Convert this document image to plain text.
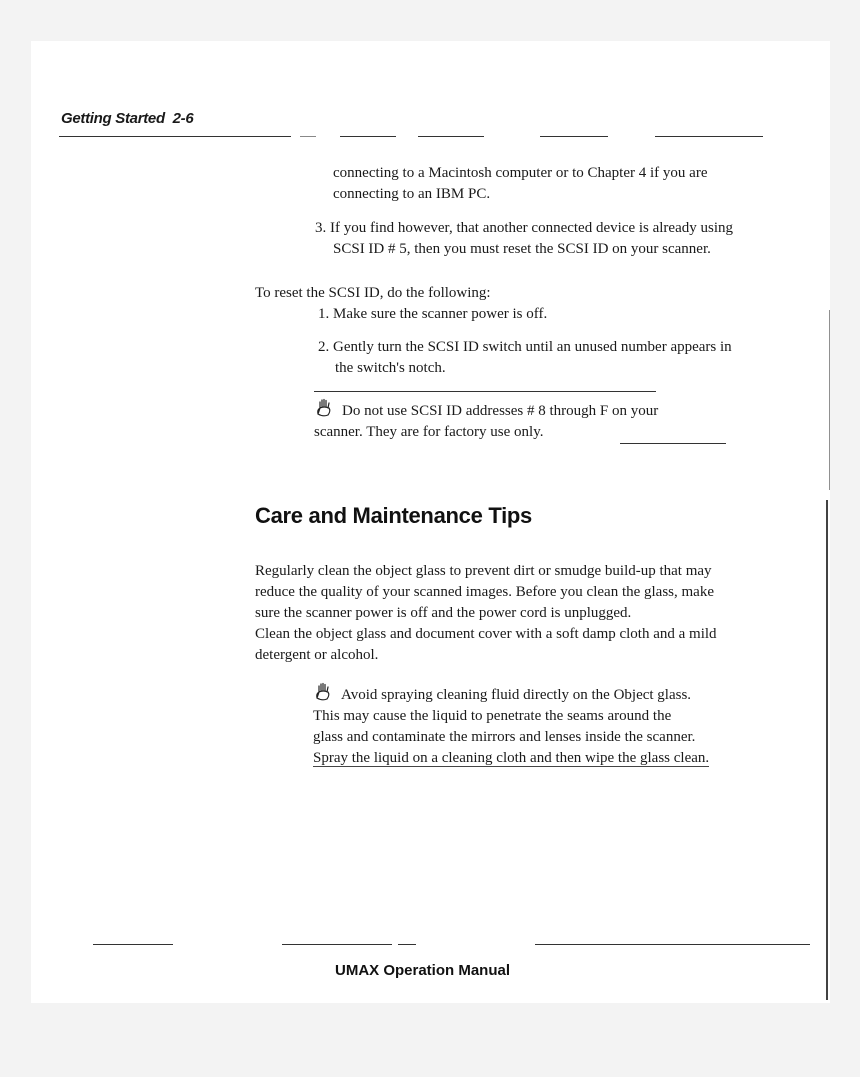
Getting Started 2-6
connecting to a Macintosh computer or to Chapter 4 if you are
connecting to an IBM PC.
3. If you find however, that another connected device is already using
SCSI ID # 5, then you must reset the SCSI ID on your scanner.
To reset the SCSI ID, do the following:
1. Make sure the scanner power is off.
2. Gently turn the SCSI ID switch until an unused number appears in
the switch's notch.
Do not use SCSI ID addresses # 8 through F on your
scanner. They are for factory use only.
Care and Maintenance Tips
Regularly clean the object glass to prevent dirt or smudge build-up that may
reduce the quality of your scanned images. Before you clean the glass, make
sure the scanner power is off and the power cord is unplugged.
Clean the object glass and document cover with a soft damp cloth and a mild
detergent or alcohol.
Avoid spraying cleaning fluid directly on the Object glass.
This may cause the liquid to penetrate the seams around the
glass and contaminate the mirrors and lenses inside the scanner.
Spray the liquid on a cleaning cloth and then wipe the glass clean.
UMAX Operation Manual
